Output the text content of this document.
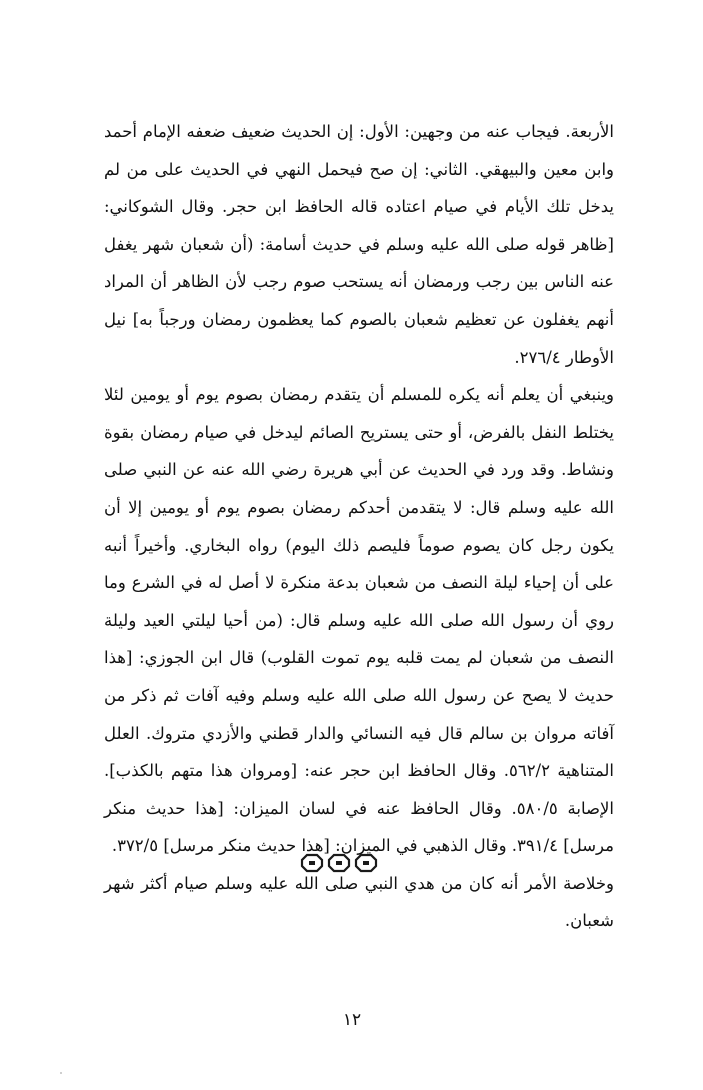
الأربعة. فيجاب عنه من وجهين: الأول: إن الحديث ضعيف ضعفه الإمام أحمد وابن معين والبيهقي. الثاني: إن صح فيحمل النهي في الحديث على من لم يدخل تلك الأيام في صيام اعتاده قاله الحافظ ابن حجر. وقال الشوكاني: [ظاهر قوله صلى الله عليه وسلم في حديث أسامة: (أن شعبان شهر يغفل عنه الناس بين رجب ورمضان أنه يستحب صوم رجب لأن الظاهر أن المراد أنهم يغفلون عن تعظيم شعبان بالصوم كما يعظمون رمضان ورجباً به] نيل الأوطار ٢٧٦/٤.

وينبغي أن يعلم أنه يكره للمسلم أن يتقدم رمضان بصوم يوم أو يومين لئلا يختلط النفل بالفرض، أو حتى يستريح الصائم ليدخل في صيام رمضان بقوة ونشاط. وقد ورد في الحديث عن أبي هريرة رضي الله عنه عن النبي صلى الله عليه وسلم قال: لا يتقدمن أحدكم رمضان بصوم يوم أو يومين إلا أن يكون رجل كان يصوم صوماً فليصم ذلك اليوم) رواه البخاري. وأخيراً أنبه على أن إحياء ليلة النصف من شعبان بدعة منكرة لا أصل له في الشرع وما روي أن رسول الله صلى الله عليه وسلم قال: (من أحيا ليلتي العيد وليلة النصف من شعبان لم يمت قلبه يوم تموت القلوب) قال ابن الجوزي: [هذا حديث لا يصح عن رسول الله صلى الله عليه وسلم وفيه آفات ثم ذكر من آفاته مروان بن سالم قال فيه النسائي والدار قطني والأزدي متروك. العلل المتناهية ٥٦٢/٢. وقال الحافظ ابن حجر عنه: [ومروان هذا متهم بالكذب]. الإصابة ٥٨٠/٥. وقال الحافظ عنه في لسان الميزان: [هذا حديث منكر مرسل] ٣٩١/٤. وقال الذهبي في الميزان: [هذا حديث منكر مرسل] ٣٧٢/٥.

وخلاصة الأمر أنه كان من هدي النبي صلى الله عليه وسلم صيام أكثر شهر شعبان.

١٢
